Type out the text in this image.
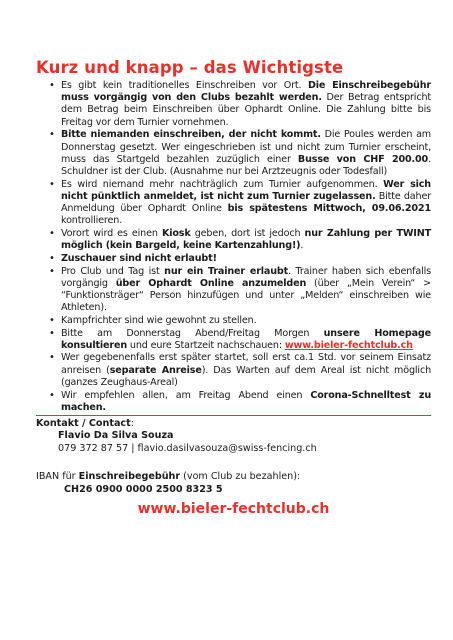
Kurz und knapp – das Wichtigste
• Es gibt kein traditionelles Einschreiben vor Ort. Die Einschreibegebühr muss vorgängig von den Clubs bezahlt werden. Der Betrag entspricht dem Betrag beim Einschreiben über Ophardt Online. Die Zahlung bitte bis Freitag vor dem Turnier vornehmen.
• Bitte niemanden einschreiben, der nicht kommt. Die Poules werden am Donnerstag gesetzt. Wer eingeschrieben ist und nicht zum Turnier erscheint, muss das Startgeld bezahlen zuzüglich einer Busse von CHF 200.00. Schuldner ist der Club. (Ausnahme nur bei Arztzeugnis oder Todesfall)
• Es wird niemand mehr nachträglich zum Turnier aufgenommen. Wer sich nicht pünktlich anmeldet, ist nicht zum Turnier zugelassen. Bitte daher Anmeldung über Ophardt Online bis spätestens Mittwoch, 09.06.2021 kontrollieren.
• Vorort wird es einen Kiosk geben, dort ist jedoch nur Zahlung per TWINT möglich (kein Bargeld, keine Kartenzahlung!).
• Zuschauer sind nicht erlaubt!
• Pro Club und Tag ist nur ein Trainer erlaubt. Trainer haben sich ebenfalls vorgängig über Ophardt Online anzumelden (über „Mein Verein“ > “Funktionsträger“ Person hinzufügen und unter „Melden“ einschreiben wie Athleten).
• Kampfrichter sind wie gewohnt zu stellen.
• Bitte am Donnerstag Abend/Freitag Morgen unsere Homepage konsultieren und eure Startzeit nachschauen: www.bieler-fechtclub.ch
• Wer gegebenenfalls erst später startet, soll erst ca.1 Std. vor seinem Einsatz anreisen (separate Anreise). Das Warten auf dem Areal ist nicht möglich (ganzes Zeughaus-Areal)
• Wir empfehlen allen, am Freitag Abend einen Corona-Schnelltest zu machen.
Kontakt / Contact:
Flavio Da Silva Souza
079 372 87 57 | flavio.dasilvasouza@swiss-fencing.ch
IBAN für Einschreibegebühr (vom Club zu bezahlen):
CH26 0900 0000 2500 8323 5
www.bieler-fechtclub.ch
